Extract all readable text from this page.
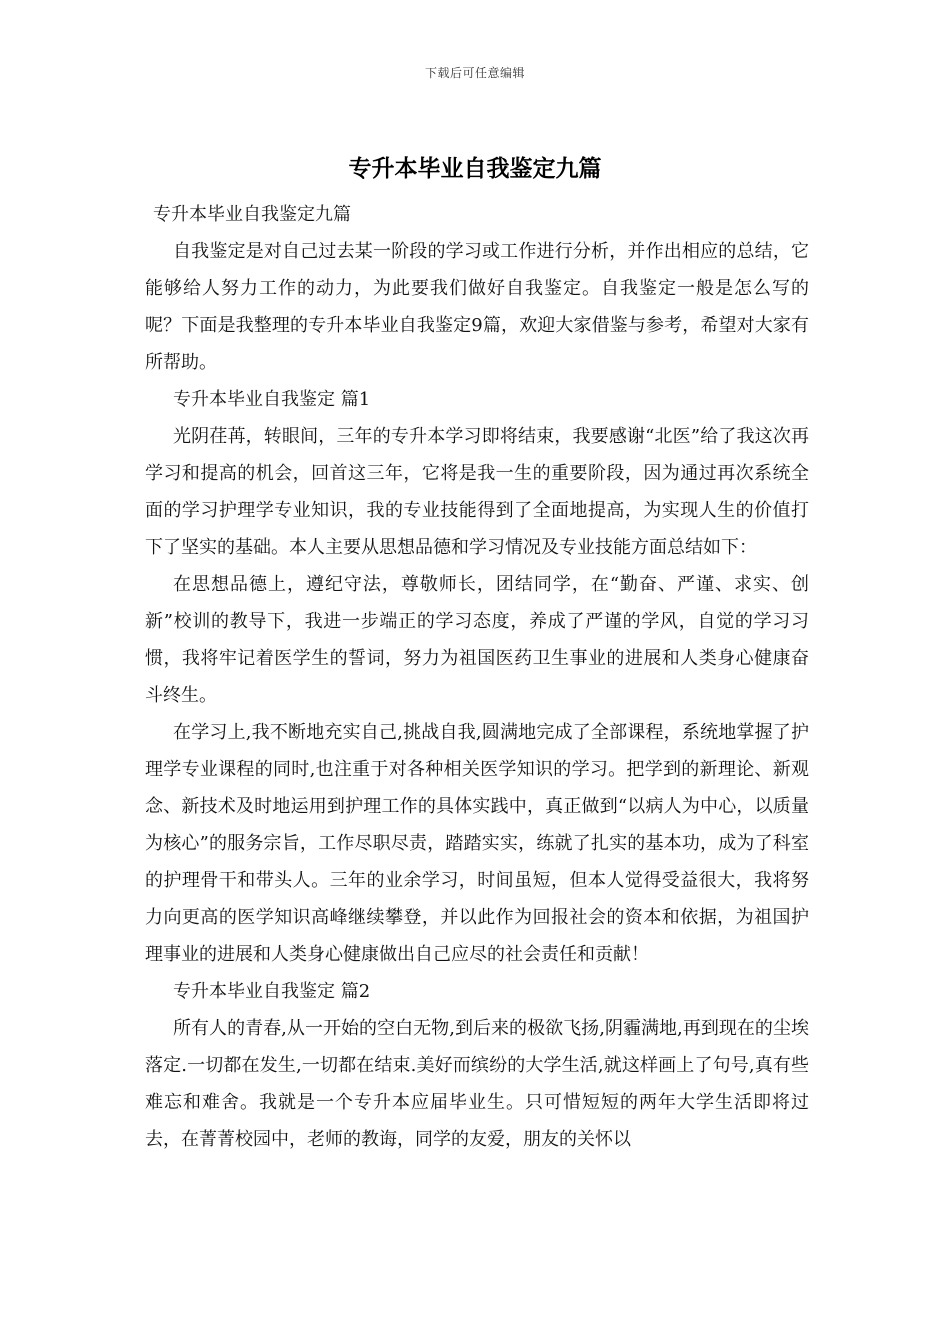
下载后可任意编辑
专升本毕业自我鉴定九篇

专升本毕业自我鉴定九篇

自我鉴定是对自己过去某一阶段的学习或工作进行分析，并作出相应的总结，它能够给人努力工作的动力，为此要我们做好自我鉴定。自我鉴定一般是怎么写的呢？下面是我整理的专升本毕业自我鉴定9篇，欢迎大家借鉴与参考，希望对大家有所帮助。

专升本毕业自我鉴定 篇1

光阴荏苒，转眼间，三年的专升本学习即将结束，我要感谢“北医”给了我这次再学习和提高的机会，回首这三年，它将是我一生的重要阶段，因为通过再次系统全面的学习护理学专业知识，我的专业技能得到了全面地提高，为实现人生的价值打下了坚实的基础。本人主要从思想品德和学习情况及专业技能方面总结如下：

在思想品德上，遵纪守法，尊敬师长，团结同学，在“勤奋、严谨、求实、创新”校训的教导下，我进一步端正的学习态度，养成了严谨的学风，自觉的学习习惯，我将牢记着医学生的誓词，努力为祖国医药卫生事业的进展和人类身心健康奋斗终生。

在学习上,我不断地充实自己,挑战自我,圆满地完成了全部课程，系统地掌握了护理学专业课程的同时,也注重于对各种相关医学知识的学习。把学到的新理论、新观念、新技术及时地运用到护理工作的具体实践中，真正做到“以病人为中心，以质量为核心”的服务宗旨，工作尽职尽责，踏踏实实，练就了扎实的基本功，成为了科室的护理骨干和带头人。三年的业余学习，时间虽短，但本人觉得受益很大，我将努力向更高的医学知识高峰继续攀登，并以此作为回报社会的资本和依据，为祖国护理事业的进展和人类身心健康做出自己应尽的社会责任和贡献！

专升本毕业自我鉴定 篇2

所有人的青春,从一开始的空白无物,到后来的极欲飞扬,阴霾满地,再到现在的尘埃落定.一切都在发生,一切都在结束.美好而缤纷的大学生活,就这样画上了句号,真有些难忘和难舍。我就是一个专升本应届毕业生。只可惜短短的两年大学生活即将过去，在菁菁校园中，老师的教诲，同学的友爱，朋友的关怀以
